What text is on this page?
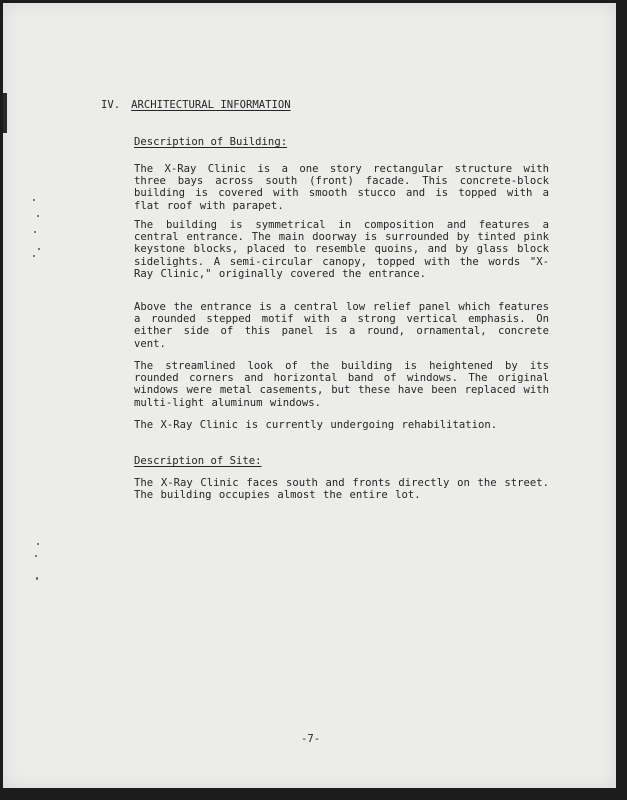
IV. ARCHITECTURAL INFORMATION
Description of Building:
The X-Ray Clinic is a one story rectangular structure with three bays across south (front) facade. This concrete-block building is covered with smooth stucco and is topped with a flat roof with parapet.
The building is symmetrical in composition and features a central entrance. The main doorway is surrounded by tinted pink keystone blocks, placed to resemble quoins, and by glass block sidelights. A semi-circular canopy, topped with the words "X-Ray Clinic," originally covered the entrance.
Above the entrance is a central low relief panel which features a rounded stepped motif with a strong vertical emphasis. On either side of this panel is a round, ornamental, concrete vent.
The streamlined look of the building is heightened by its rounded corners and horizontal band of windows. The original windows were metal casements, but these have been replaced with multi-light aluminum windows.
The X-Ray Clinic is currently undergoing rehabilitation.
Description of Site:
The X-Ray Clinic faces south and fronts directly on the street. The building occupies almost the entire lot.
-7-
